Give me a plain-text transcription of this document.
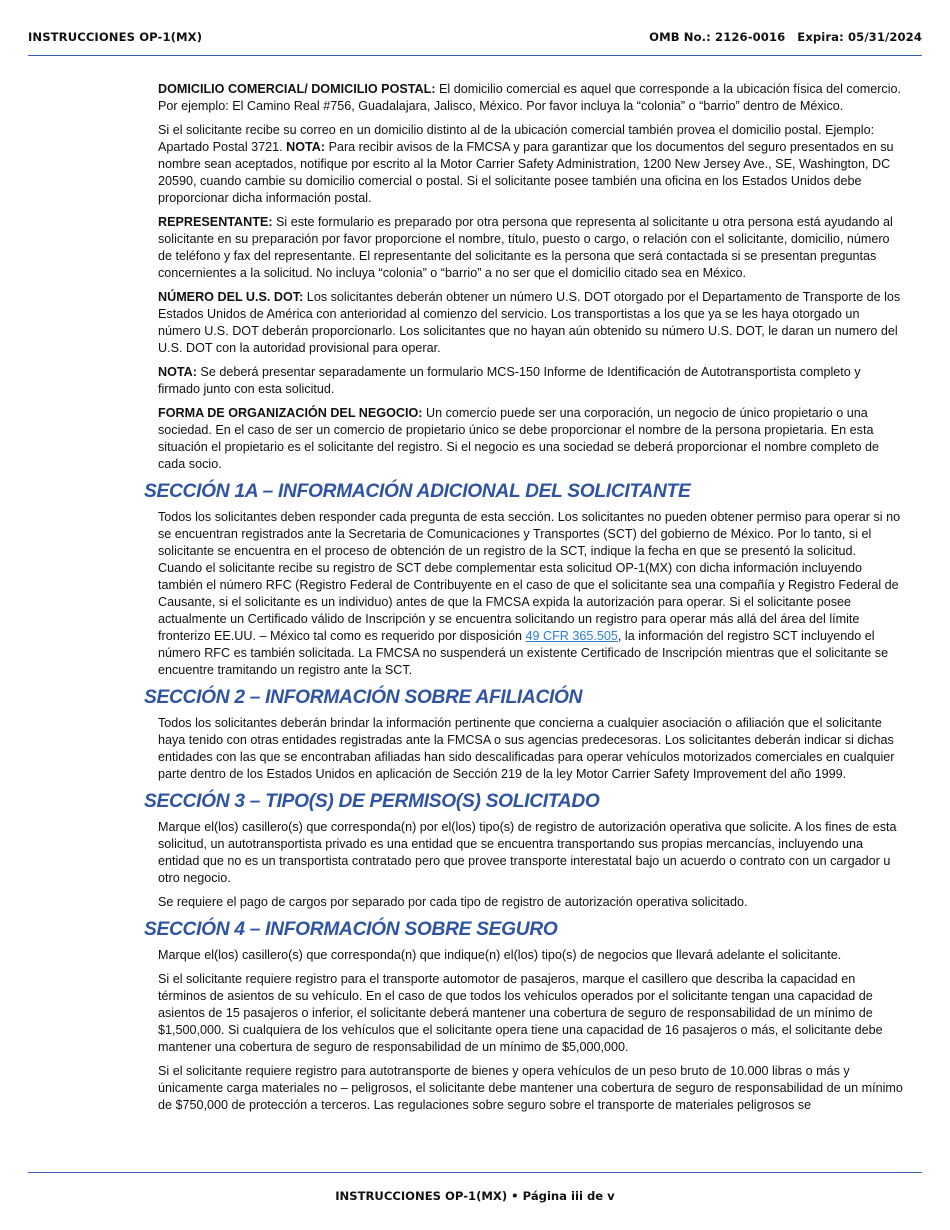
INSTRUCCIONES OP-1(MX)	OMB No.: 2126-0016 Expira: 05/31/2024

DOMICILIO COMERCIAL/ DOMICILIO POSTAL: El domicilio comercial es aquel que corresponde a la ubicación física del comercio. Por ejemplo: El Camino Real #756, Guadalajara, Jalisco, México. Por favor incluya la “colonia” o “barrio” dentro de México.

Si el solicitante recibe su correo en un domicilio distinto al de la ubicación comercial también provea el domicilio postal. Ejemplo: Apartado Postal 3721. NOTA: Para recibir avisos de la FMCSA y para garantizar que los documentos del seguro presentados en su nombre sean aceptados, notifique por escrito al la Motor Carrier Safety Administration, 1200 New Jersey Ave., SE, Washington, DC 20590, cuando cambie su domicilio comercial o postal. Si el solicitante posee también una oficina en los Estados Unidos debe proporcionar dicha información postal.

REPRESENTANTE: Si este formulario es preparado por otra persona que representa al solicitante u otra persona está ayudando al solicitante en su preparación por favor proporcione el nombre, título, puesto o cargo, o relación con el solicitante, domicilio, número de teléfono y fax del representante. El representante del solicitante es la persona que será contactada si se presentan preguntas concernientes a la solicitud. No incluya “colonia” o “barrio” a no ser que el domicilio citado sea en México.

NÚMERO DEL U.S. DOT: Los solicitantes deberán obtener un número U.S. DOT otorgado por el Departamento de Transporte de los Estados Unidos de América con anterioridad al comienzo del servicio. Los transportistas a los que ya se les haya otorgado un número U.S. DOT deberán proporcionarlo. Los solicitantes que no hayan aún obtenido su número U.S. DOT, le daran un numero del U.S. DOT con la autoridad provisional para operar.

NOTA: Se deberá presentar separadamente un formulario MCS-150 Informe de Identificación de Autotransportista completo y firmado junto con esta solicitud.

FORMA DE ORGANIZACIÓN DEL NEGOCIO: Un comercio puede ser una corporación, un negocio de único propietario o una sociedad. En el caso de ser un comercio de propietario único se debe proporcionar el nombre de la persona propietaria. En esta situación el propietario es el solicitante del registro. Si el negocio es una sociedad se deberá proporcionar el nombre completo de cada socio.

SECCIÓN 1A – INFORMACIÓN ADICIONAL DEL SOLICITANTE

Todos los solicitantes deben responder cada pregunta de esta sección. Los solicitantes no pueden obtener permiso para operar si no se encuentran registrados ante la Secretaria de Comunicaciones y Transportes (SCT) del gobierno de México. Por lo tanto, si el solicitante se encuentra en el proceso de obtención de un registro de la SCT, indique la fecha en que se presentó la solicitud. Cuando el solicitante recibe su registro de SCT debe complementar esta solicitud OP-1(MX) con dicha información incluyendo también el número RFC (Registro Federal de Contribuyente en el caso de que el solicitante sea una compañía y Registro Federal de Causante, si el solicitante es un individuo) antes de que la FMCSA expida la autorización para operar. Si el solicitante posee actualmente un Certificado válido de Inscripción y se encuentra solicitando un registro para operar más allá del área del límite fronterizo EE.UU. – México tal como es requerido por disposición 49 CFR 365.505, la información del registro SCT incluyendo el número RFC es también solicitada. La FMCSA no suspenderá un existente Certificado de Inscripción mientras que el solicitante se encuentre tramitando un registro ante la SCT.

SECCIÓN 2 – INFORMACIÓN SOBRE AFILIACIÓN

Todos los solicitantes deberán brindar la información pertinente que concierna a cualquier asociación o afiliación que el solicitante haya tenido con otras entidades registradas ante la FMCSA o sus agencias predecesoras. Los solicitantes deberán indicar si dichas entidades con las que se encontraban afiliadas han sido descalificadas para operar vehículos motorizados comerciales en cualquier parte dentro de los Estados Unidos en aplicación de Sección 219 de la ley Motor Carrier Safety Improvement del año 1999.

SECCIÓN 3 – TIPO(S) DE PERMISO(S) SOLICITADO

Marque el(los) casillero(s) que corresponda(n) por el(los) tipo(s) de registro de autorización operativa que solicite. A los fines de esta solicitud, un autotransportista privado es una entidad que se encuentra transportando sus propias mercancías, incluyendo una entidad que no es un transportista contratado pero que provee transporte interestatal bajo un acuerdo o contrato con un cargador u otro negocio.

Se requiere el pago de cargos por separado por cada tipo de registro de autorización operativa solicitado.

SECCIÓN 4 – INFORMACIÓN SOBRE SEGURO

Marque el(los) casillero(s) que corresponda(n) que indique(n) el(los) tipo(s) de negocios que llevará adelante el solicitante.

Si el solicitante requiere registro para el transporte automotor de pasajeros, marque el casillero que describa la capacidad en términos de asientos de su vehículo. En el caso de que todos los vehículos operados por el solicitante tengan una capacidad de asientos de 15 pasajeros o inferior, el solicitante deberá mantener una cobertura de seguro de responsabilidad de un mínimo de $1,500,000. Si cualquiera de los vehículos que el solicitante opera tiene una capacidad de 16 pasajeros o más, el solicitante debe mantener una cobertura de seguro de responsabilidad de un mínimo de $5,000,000.

Si el solicitante requiere registro para autotransporte de bienes y opera vehículos de un peso bruto de 10.000 libras o más y únicamente carga materiales no – peligrosos, el solicitante debe mantener una cobertura de seguro de responsabilidad de un mínimo de $750,000 de protección a terceros. Las regulaciones sobre seguro sobre el transporte de materiales peligrosos se

INSTRUCCIONES OP-1(MX) • Página iii de v
